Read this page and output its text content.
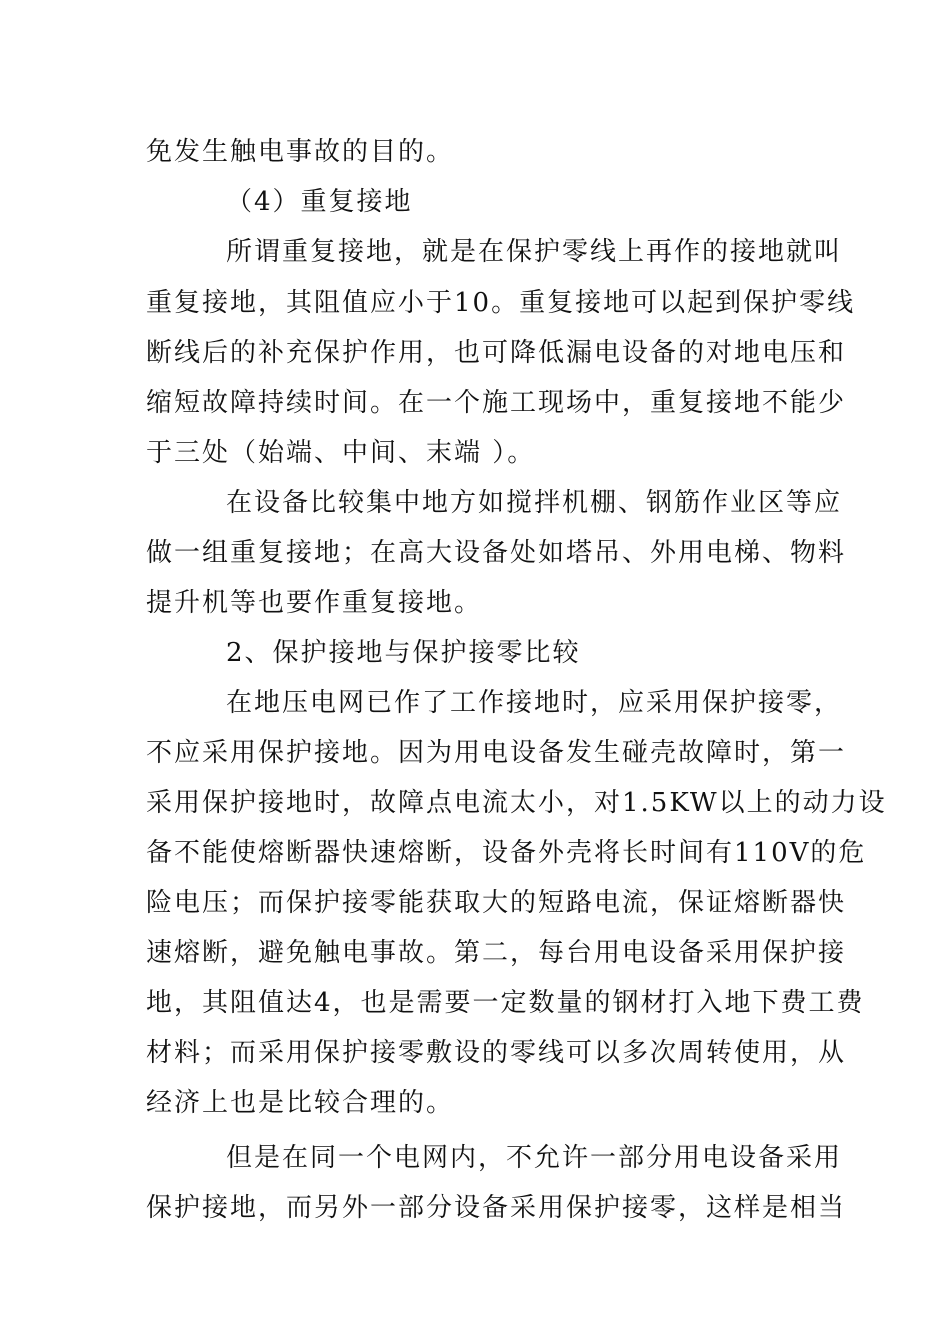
免发生触电事故的目的。
（4）重复接地
所谓重复接地，就是在保护零线上再作的接地就叫
重复接地，其阻值应小于10。重复接地可以起到保护零线
断线后的补充保护作用，也可降低漏电设备的对地电压和
缩短故障持续时间。在一个施工现场中，重复接地不能少
于三处（始端、中间、末端 ）。
在设备比较集中地方如搅拌机棚、钢筋作业区等应
做一组重复接地；在高大设备处如塔吊、外用电梯、物料
提升机等也要作重复接地。
2、保护接地与保护接零比较
在地压电网已作了工作接地时，应采用保护接零，
不应采用保护接地。因为用电设备发生碰壳故障时，第一
采用保护接地时，故障点电流太小，对1.5KW以上的动力设
备不能使熔断器快速熔断，设备外壳将长时间有110V的危
险电压；而保护接零能获取大的短路电流，保证熔断器快
速熔断，避免触电事故。第二，每台用电设备采用保护接
地，其阻值达4，也是需要一定数量的钢材打入地下费工费
材料；而采用保护接零敷设的零线可以多次周转使用，从
经济上也是比较合理的。
但是在同一个电网内，不允许一部分用电设备采用
保护接地，而另外一部分设备采用保护接零，这样是相当
